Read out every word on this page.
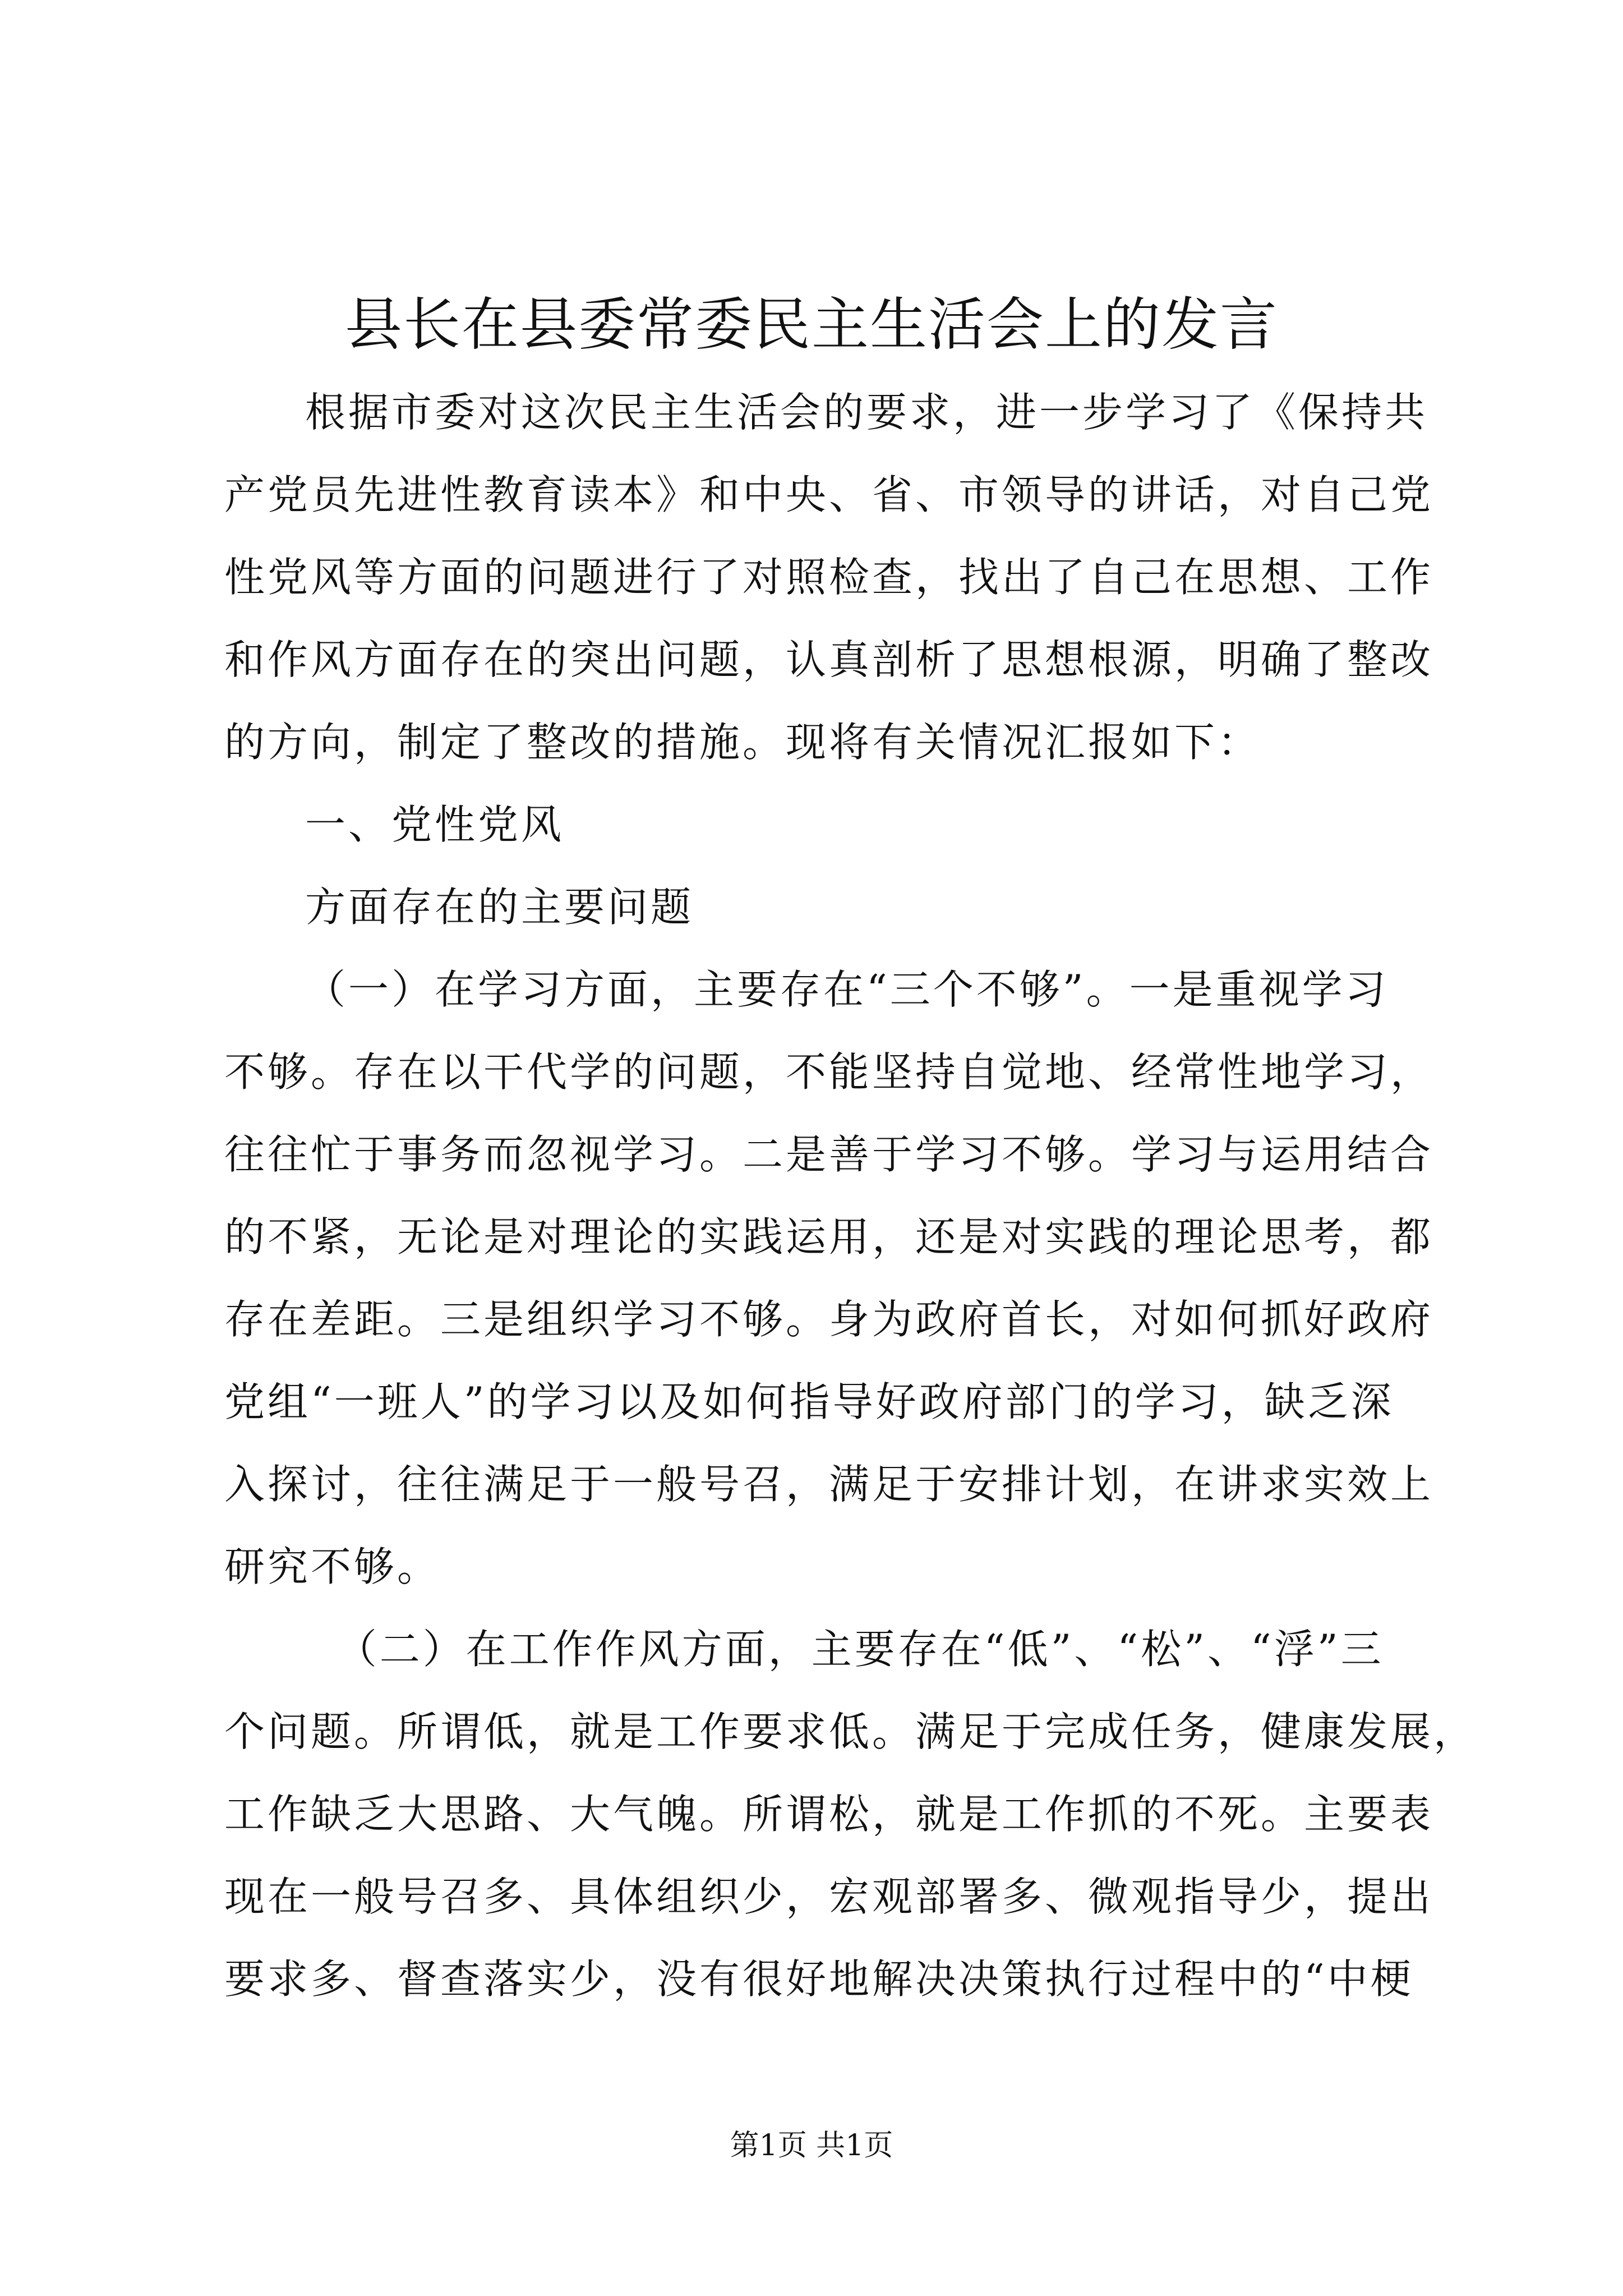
县长在县委常委民主生活会上的发言
根据市委对这次民主生活会的要求，进一步学习了《保持共
产党员先进性教育读本》和中央、省、市领导的讲话，对自己党
性党风等方面的问题进行了对照检查，找出了自己在思想、工作
和作风方面存在的突出问题，认真剖析了思想根源，明确了整改
的方向，制定了整改的措施。现将有关情况汇报如下：
一、党性党风
方面存在的主要问题
（一）在学习方面，主要存在“三个不够”。一是重视学习
不够。存在以干代学的问题，不能坚持自觉地、经常性地学习，
往往忙于事务而忽视学习。二是善于学习不够。学习与运用结合
的不紧，无论是对理论的实践运用，还是对实践的理论思考，都
存在差距。三是组织学习不够。身为政府首长，对如何抓好政府
党组“一班人”的学习以及如何指导好政府部门的学习，缺乏深
入探讨，往往满足于一般号召，满足于安排计划，在讲求实效上
研究不够。
（二）在工作作风方面，主要存在“低”、“松”、“浮”三
个问题。所谓低，就是工作要求低。满足于完成任务，健康发展，
工作缺乏大思路、大气魄。所谓松，就是工作抓的不死。主要表
现在一般号召多、具体组织少，宏观部署多、微观指导少，提出
要求多、督查落实少，没有很好地解决决策执行过程中的“中梗
第1页 共1页
